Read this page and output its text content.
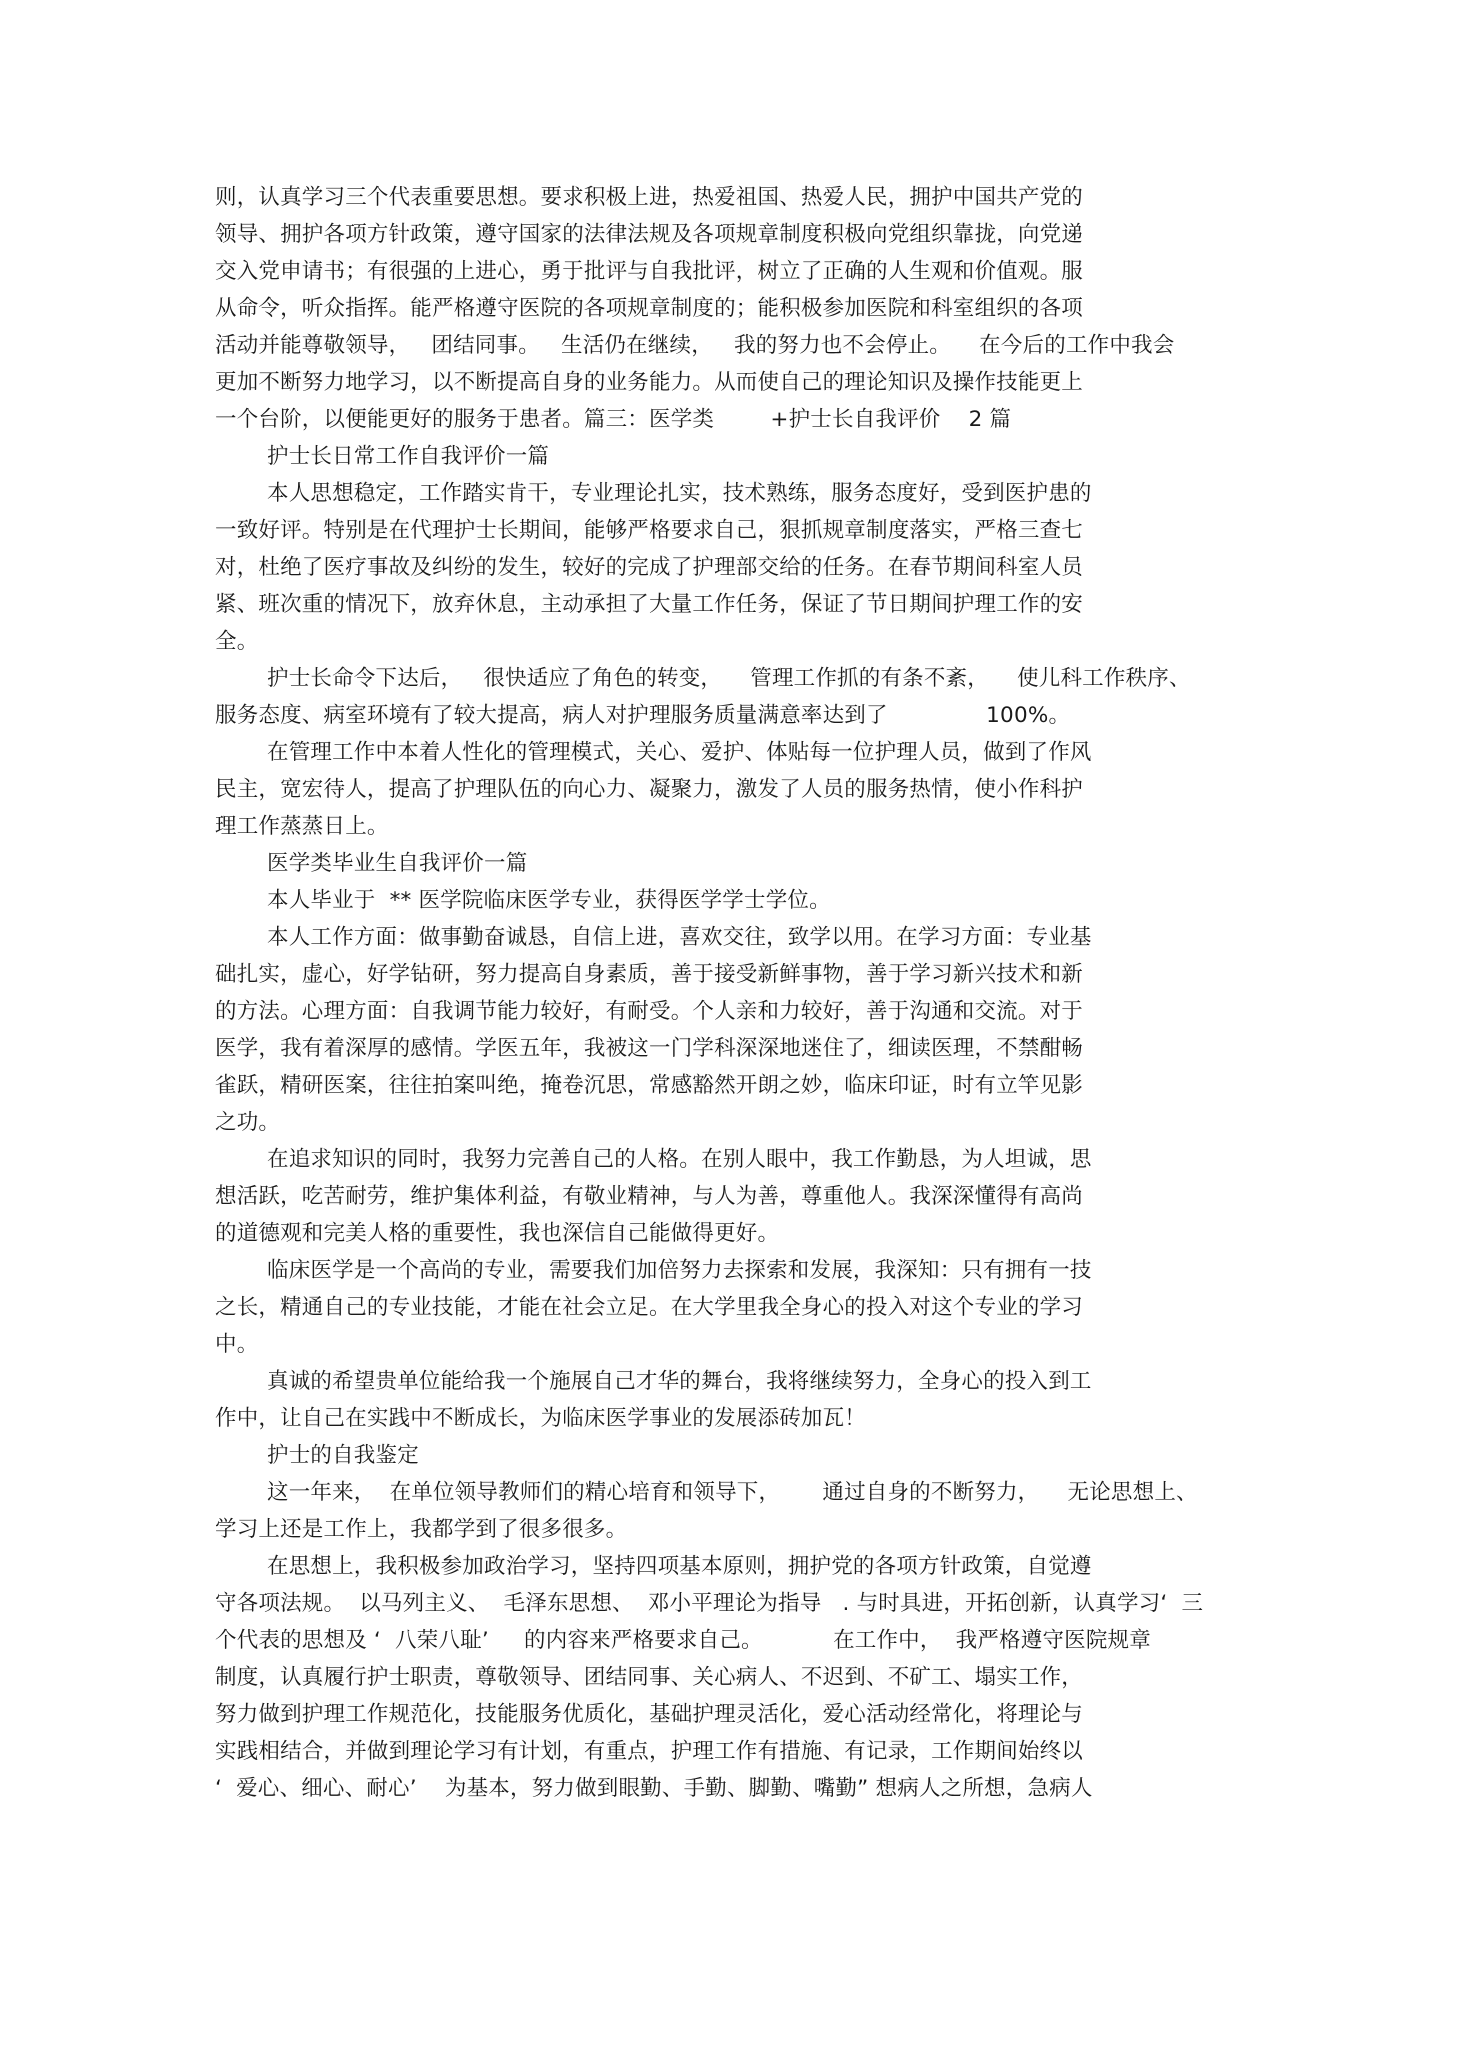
则，认真学习三个代表重要思想。要求积极上进，热爱祖国、热爱人民，拥护中国共产党的
领导、拥护各项方针政策，遵守国家的法律法规及各项规章制度积极向党组织靠拢，向党递
交入党申请书；有很强的上进心，勇于批评与自我批评，树立了正确的人生观和价值观。服
从命令，听众指挥。能严格遵守医院的各项规章制度的；能积极参加医院和科室组织的各项
活动并能尊敬领导，   团结同事。   生活仍在继续，   我的努力也不会停止。    在今后的工作中我会
更加不断努力地学习，以不断提高自身的业务能力。从而使自己的理论知识及操作技能更上
一个台阶，以便能更好的服务于患者。篇三：医学类        +护士长自我评价    2 篇
护士长日常工作自我评价一篇
本人思想稳定，工作踏实肯干，专业理论扎实，技术熟练，服务态度好，受到医护患的
一致好评。特别是在代理护士长期间，能够严格要求自己，狠抓规章制度落实，严格三查七
对，杜绝了医疗事故及纠纷的发生，较好的完成了护理部交给的任务。在春节期间科室人员
紧、班次重的情况下，放弃休息，主动承担了大量工作任务，保证了节日期间护理工作的安
全。
护士长命令下达后，   很快适应了角色的转变，    管理工作抓的有条不紊，    使儿科工作秩序、
服务态度、病室环境有了较大提高，病人对护理服务质量满意率达到了              100%。
在管理工作中本着人性化的管理模式，关心、爱护、体贴每一位护理人员，做到了作风
民主，宽宏待人，提高了护理队伍的向心力、凝聚力，激发了人员的服务热情，使小作科护
理工作蒸蒸日上。
医学类毕业生自我评价一篇
本人毕业于  ** 医学院临床医学专业，获得医学学士学位。
本人工作方面：做事勤奋诚恳，自信上进，喜欢交往，致学以用。在学习方面：专业基
础扎实，虚心，好学钻研，努力提高自身素质，善于接受新鲜事物，善于学习新兴技术和新
的方法。心理方面：自我调节能力较好，有耐受。个人亲和力较好，善于沟通和交流。对于
医学，我有着深厚的感情。学医五年，我被这一门学科深深地迷住了，细读医理，不禁酣畅
雀跃，精研医案，往往拍案叫绝，掩卷沉思，常感豁然开朗之妙，临床印证，时有立竿见影
之功。
在追求知识的同时，我努力完善自己的人格。在别人眼中，我工作勤恳，为人坦诚，思
想活跃，吃苦耐劳，维护集体利益，有敬业精神，与人为善，尊重他人。我深深懂得有高尚
的道德观和完美人格的重要性，我也深信自己能做得更好。
临床医学是一个高尚的专业，需要我们加倍努力去探索和发展，我深知：只有拥有一技
之长，精通自己的专业技能，才能在社会立足。在大学里我全身心的投入对这个专业的学习
中。
真诚的希望贵单位能给我一个施展自己才华的舞台，我将继续努力，全身心的投入到工
作中，让自己在实践中不断成长，为临床医学事业的发展添砖加瓦！
护士的自我鉴定
这一年来，  在单位领导教师们的精心培育和领导下，      通过自身的不断努力，    无论思想上、
学习上还是工作上，我都学到了很多很多。
在思想上，我积极参加政治学习，坚持四项基本原则，拥护党的各项方针政策，自觉遵
守各项法规。  以马列主义、  毛泽东思想、  邓小平理论为指导   . 与时具进，开拓创新，认真学习‘  三
个代表的思想及 ‘  八荣八耻’     的内容来严格要求自己。          在工作中，  我严格遵守医院规章
制度，认真履行护士职责，尊敬领导、团结同事、关心病人、不迟到、不矿工、塌实工作，
努力做到护理工作规范化，技能服务优质化，基础护理灵活化，爱心活动经常化，将理论与
实践相结合，并做到理论学习有计划，有重点，护理工作有措施、有记录，工作期间始终以
‘  爱心、细心、耐心’    为基本，努力做到眼勤、手勤、脚勤、嘴勤” 想病人之所想，急病人
